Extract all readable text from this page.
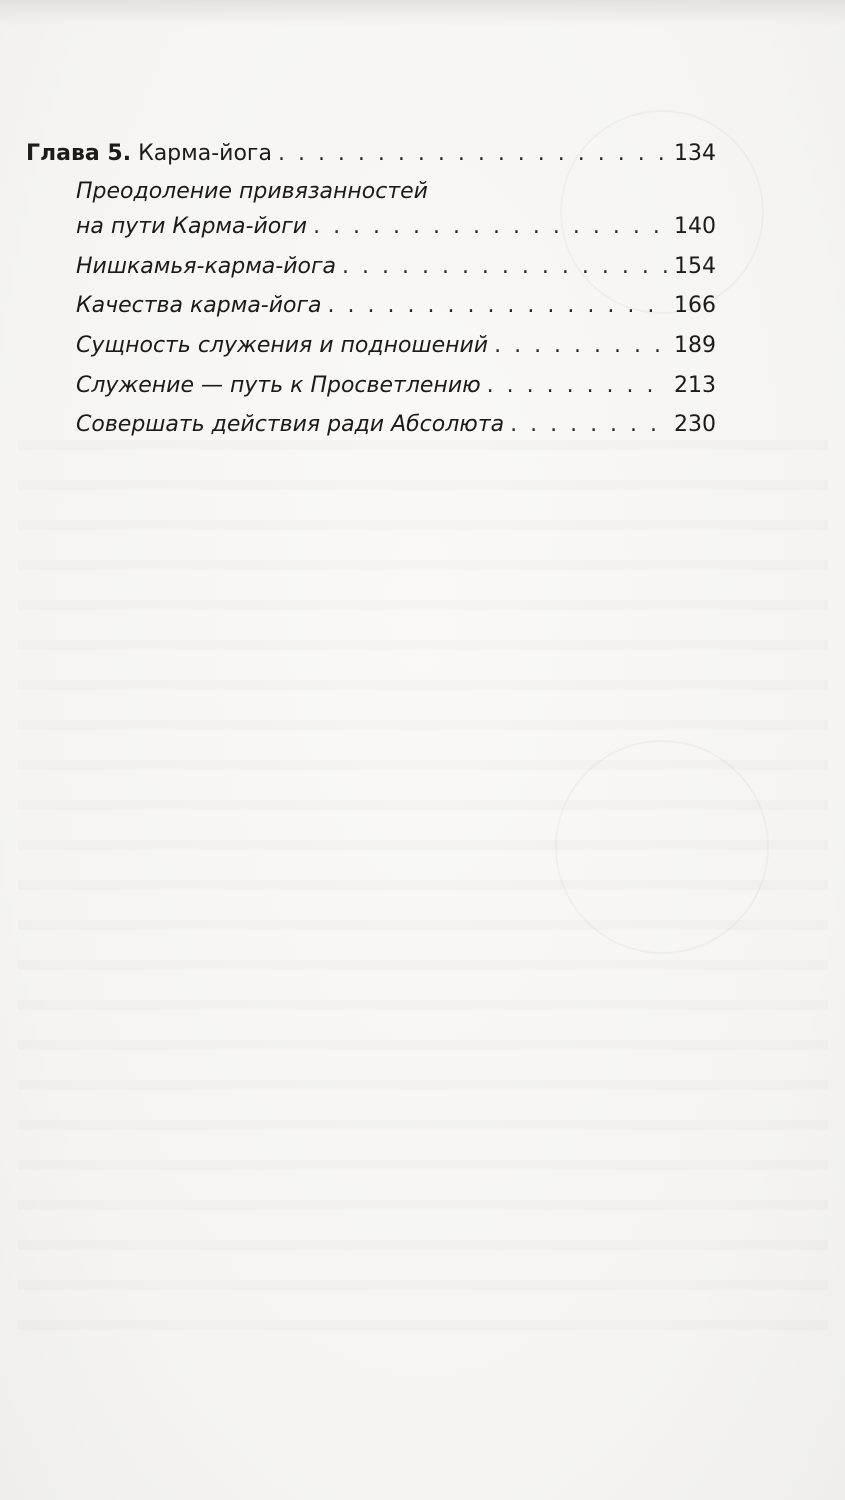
Глава 5. Карма-йога . . .	134
Преодоление привязанностей
на пути Карма-йоги . . .	140
Нишкамья-карма-йога . . .	154
Качества карма-йога . . .	166
Сущность служения и подношений . . .	189
Служение — путь к Просветлению . . .	213
Совершать действия ради Абсолюта . . .	230
